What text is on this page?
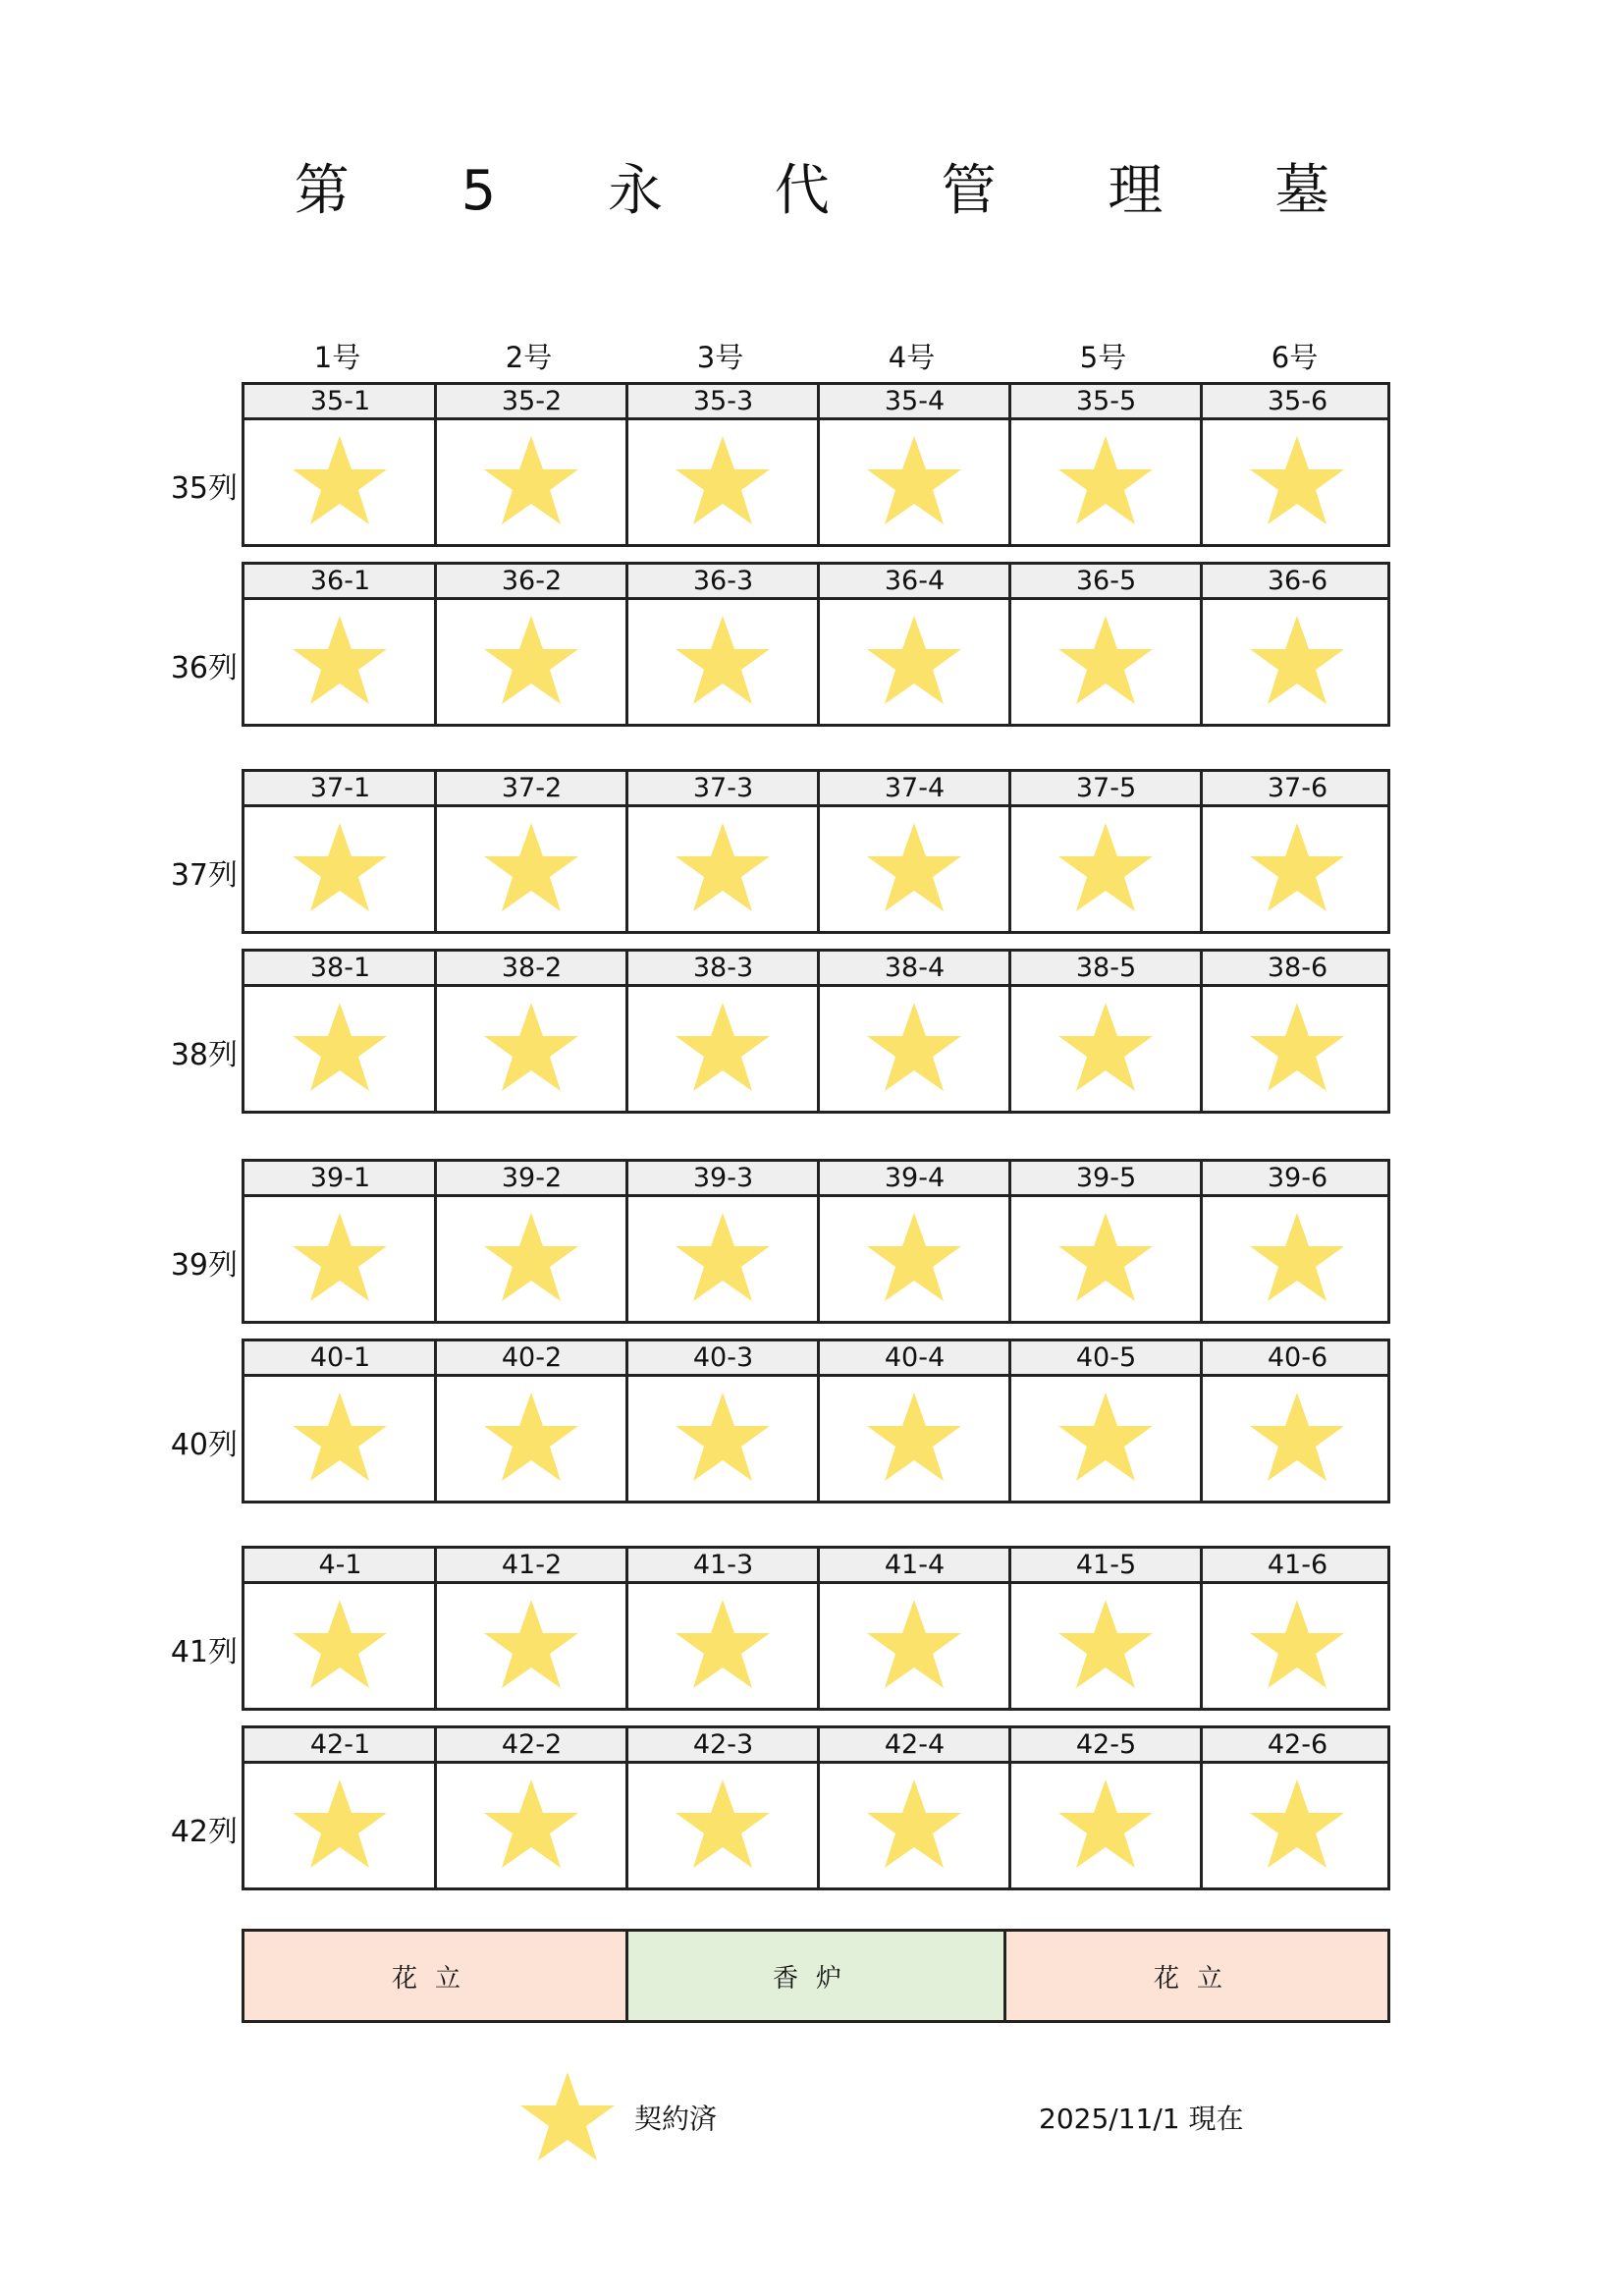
第 5 永 代 管 理 墓
1号	2号	3号	4号	5号	6号
35列
35-1	35-2	35-3	35-4	35-5	35-6
36列
36-1	36-2	36-3	36-4	36-5	36-6
37列
37-1	37-2	37-3	37-4	37-5	37-6
38列
38-1	38-2	38-3	38-4	38-5	38-6
39列
39-1	39-2	39-3	39-4	39-5	39-6
40列
40-1	40-2	40-3	40-4	40-5	40-6
41列
4-1	41-2	41-3	41-4	41-5	41-6
42列
42-1	42-2	42-3	42-4	42-5	42-6
花立	香炉	花立
契約済	2025/11/1 現在
